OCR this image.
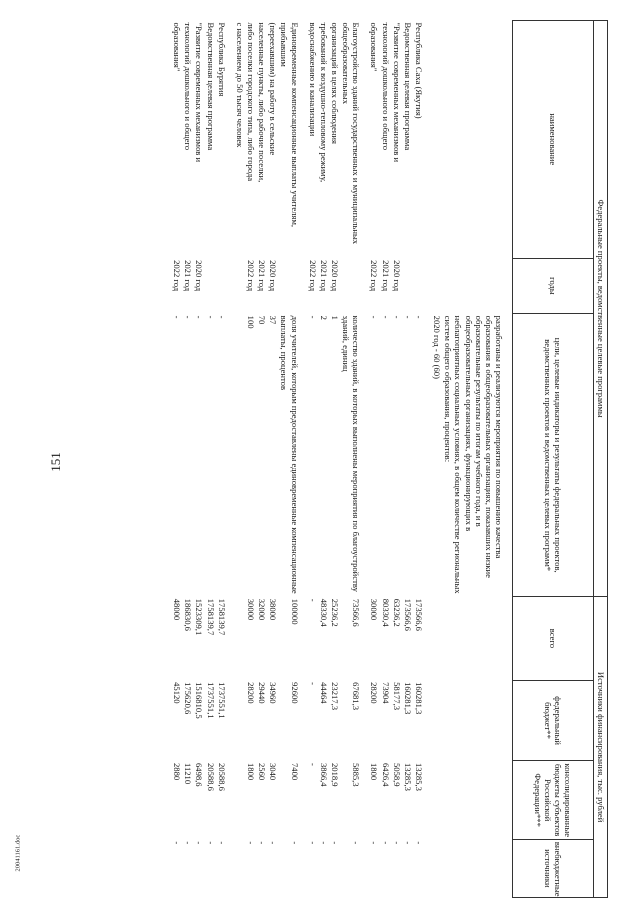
151
20041161.doc
Федеральные проекты, ведомственные целевые программы			Источники финансирования, тыс. рублей			
наименование	годы	цели, целевые индикаторы и результаты федеральных проектов, ведомственных проектов и ведомственных целевых программ*	всего	федеральный бюджет**	консолидированные бюджеты субъектов Российской Федерации***	внебюджетные источники

		разработаны и реализуются мероприятия по повышению качества образования в общеобразовательных организациях, показавших низкие образовательные результаты по итогам учебного года, и в общеобразовательных организациях, функционирующих в неблагоприятных социальных условиях, в общем количестве региональных систем общего образования, процентов:				
		2020 год - 60 (60)				

Республика Саха (Якутия)		-	173566,6	160281,3	13285,3	-
Ведомственная целевая программа		-	173566,6	160281,3	13285,3	-
"Развитие современных механизмов и	2020 год	-	63236,2	58177,3	5058,9	-
технологий дошкольного и общего	2021 год	-	80330,4	73904	6426,4	-
образования"	2022 год	-	30000	28200	1800	-

Благоустройство зданий государственных и муниципальных общеобразовательных		количество зданий, в которых выполнены мероприятия по благоустройству зданий, единиц	73566,6	67681,3	5885,3	-
организаций в целях соблюдения	2020 год	1	25236,2	23217,3	2018,9	-
требований к воздушно-тепловому режиму,	2021 год	2	48330,4	44464	3866,4	-
водоснабжению и канализации	2022 год	-	-	-	-	-

Единовременные компенсационные выплаты учителям, прибывшим		доля учителей, которым предоставлены единовременные компенсационные выплаты, процентов	100000	92600	7400	-
(переехавшим) на работу в сельские	2020 год	37	38000	34960	3040	-
населенные пункты, либо рабочие поселки,	2021 год	70	32000	29440	2560	-
либо поселки городского типа, либо города	2022 год	100	30000	28200	1800	-
с населением до 50 тысяч человек						

Республика Бурятия		-	1758139,7	1737551,1	20588,6	-
Ведомственная целевая программа		-	1758139,7	1737551,1	20588,6	-
"Развитие современных механизмов и	2020 год	-	1523309,1	1516810,5	6498,6	-
технологий дошкольного и общего	2021 год	-	186830,6	175620,6	11210	-
образования"	2022 год	-	48000	45120	2880	-
